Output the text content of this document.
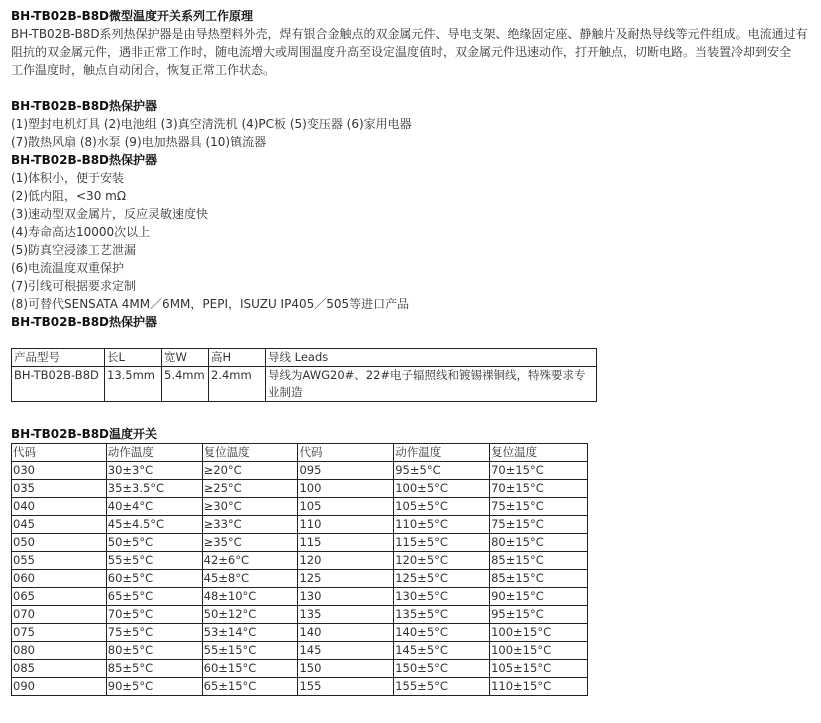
BH-TB02B-B8D微型温度开关系列工作原理

BH-TB02B-B8D系列热保护器是由导热塑料外壳，焊有银合金触点的双金属元件、导电支架、绝缘固定座、静触片及耐热导线等元件组成。电流通过有

阻抗的双金属元件，遇非正常工作时，随电流增大或周围温度升高至设定温度值时，双金属元件迅速动作，打开触点，切断电路。当装置冷却到安全

工作温度时，触点自动闭合，恢复正常工作状态。

BH-TB02B-B8D热保护器

(1)塑封电机灯具 (2)电池组 (3)真空清洗机 (4)PC板 (5)变压器 (6)家用电器

(7)散热风扇 (8)水泵 (9)电加热器具 (10)镇流器

BH-TB02B-B8D热保护器

(1)体积小，便于安装

(2)低内阻，<30 mΩ

(3)速动型双金属片，反应灵敏速度快

(4)寿命高达10000次以上

(5)防真空浸漆工艺泄漏

(6)电流温度双重保护

(7)引线可根据要求定制

(8)可替代SENSATA 4MM／6MM，PEPI，ISUZU IP405／505等进口产品

BH-TB02B-B8D热保护器
产品型号	长L	宽W	高H	导线 Leads
BH-TB02B-B8D	13.5mm	5.4mm	2.4mm	导线为AWG20#、22#电子辐照线和镀锡裸铜线，特殊要求专业制造
BH-TB02B-B8D温度开关
代码	动作温度	复位温度	代码	动作温度	复位温度
030	30±3°C	≥20°C	095	95±5°C	70±15°C
035	35±3.5°C	≥25°C	100	100±5°C	70±15°C
040	40±4°C	≥30°C	105	105±5°C	75±15°C
045	45±4.5°C	≥33°C	110	110±5°C	75±15°C
050	50±5°C	≥35°C	115	115±5°C	80±15°C
055	55±5°C	42±6°C	120	120±5°C	85±15°C
060	60±5°C	45±8°C	125	125±5°C	85±15°C
065	65±5°C	48±10°C	130	130±5°C	90±15°C
070	70±5°C	50±12°C	135	135±5°C	95±15°C
075	75±5°C	53±14°C	140	140±5°C	100±15°C
080	80±5°C	55±15°C	145	145±5°C	100±15°C
085	85±5°C	60±15°C	150	150±5°C	105±15°C
090	90±5°C	65±15°C	155	155±5°C	110±15°C
